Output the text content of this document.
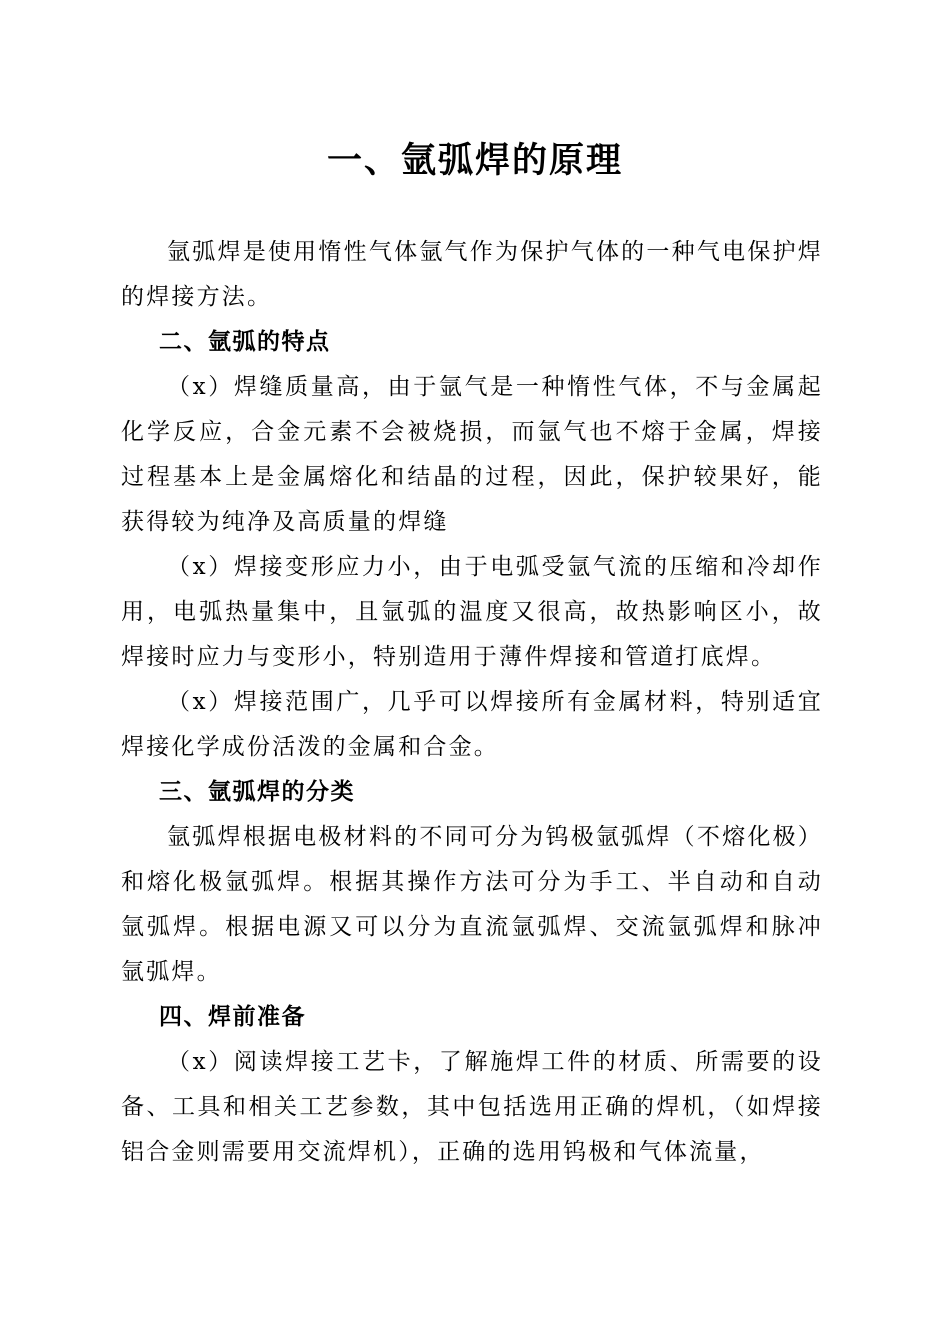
一、氩弧焊的原理

氩弧焊是使用惰性气体氩气作为保护气体的一种气电保护焊的焊接方法。

二、氩弧的特点

（x）焊缝质量高，由于氩气是一种惰性气体，不与金属起化学反应，合金元素不会被烧损，而氩气也不熔于金属，焊接过程基本上是金属熔化和结晶的过程，因此，保护较果好，能获得较为纯净及高质量的焊缝

（x）焊接变形应力小，由于电弧受氩气流的压缩和冷却作用，电弧热量集中，且氩弧的温度又很高，故热影响区小，故焊接时应力与变形小，特别造用于薄件焊接和管道打底焊。

（x）焊接范围广，几乎可以焊接所有金属材料，特别适宜焊接化学成份活泼的金属和合金。

三、氩弧焊的分类

氩弧焊根据电极材料的不同可分为钨极氩弧焊（不熔化极）和熔化极氩弧焊。根据其操作方法可分为手工、半自动和自动氩弧焊。根据电源又可以分为直流氩弧焊、交流氩弧焊和脉冲氩弧焊。

四、焊前准备

（x）阅读焊接工艺卡，了解施焊工件的材质、所需要的设备、工具和相关工艺参数，其中包括选用正确的焊机，（如焊接铝合金则需要用交流焊机），正确的选用钨极和气体流量，
